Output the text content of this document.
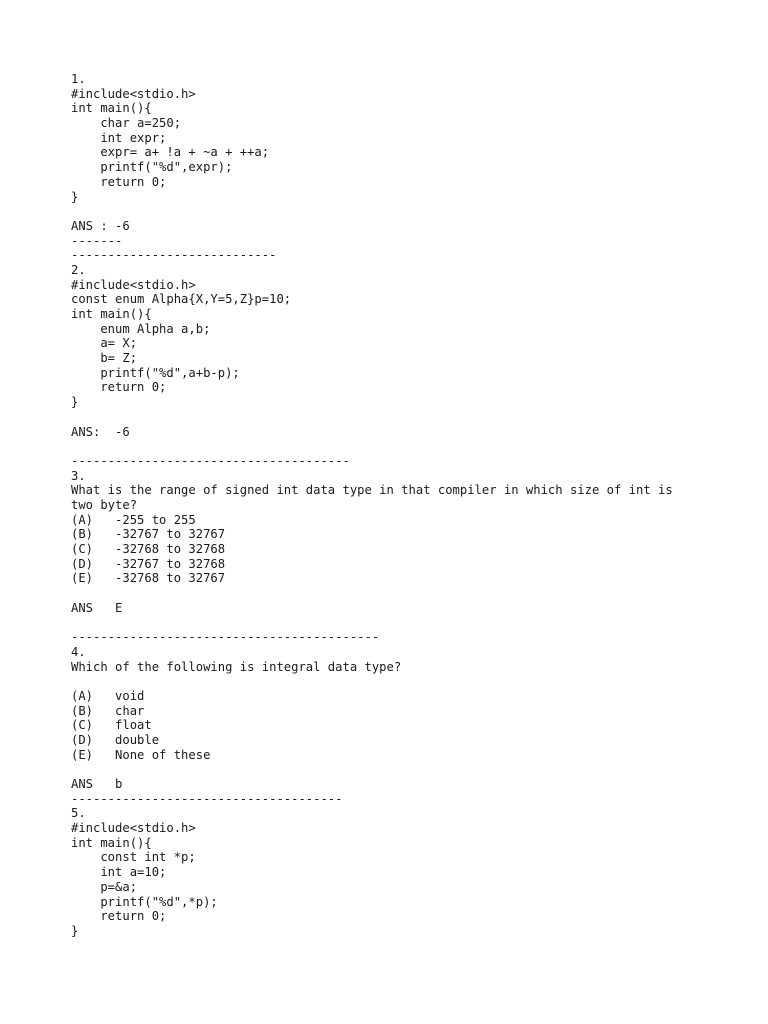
1.
#include<stdio.h>
int main(){
char a=250;
int expr;
expr= a+ !a + ~a + ++a;
printf("%d",expr);
return 0;
}
ANS : -6
-------
----------------------------
2.
#include<stdio.h>
const enum Alpha{X,Y=5,Z}p=10;
int main(){
enum Alpha a,b;
a= X;
b= Z;
printf("%d",a+b-p);
return 0;
}
ANS:  -6
--------------------------------------
3.
What is the range of signed int data type in that compiler in which size of int is
two byte?
(A)   -255 to 255
(B)   -32767 to 32767
(C)   -32768 to 32768
(D)   -32767 to 32768
(E)   -32768 to 32767
ANS   E
------------------------------------------
4.
Which of the following is integral data type?
(A)   void
(B)   char
(C)   float
(D)   double
(E)   None of these
ANS   b
-------------------------------------
5.
#include<stdio.h>
int main(){
const int *p;
int a=10;
p=&a;
printf("%d",*p);
return 0;
}
